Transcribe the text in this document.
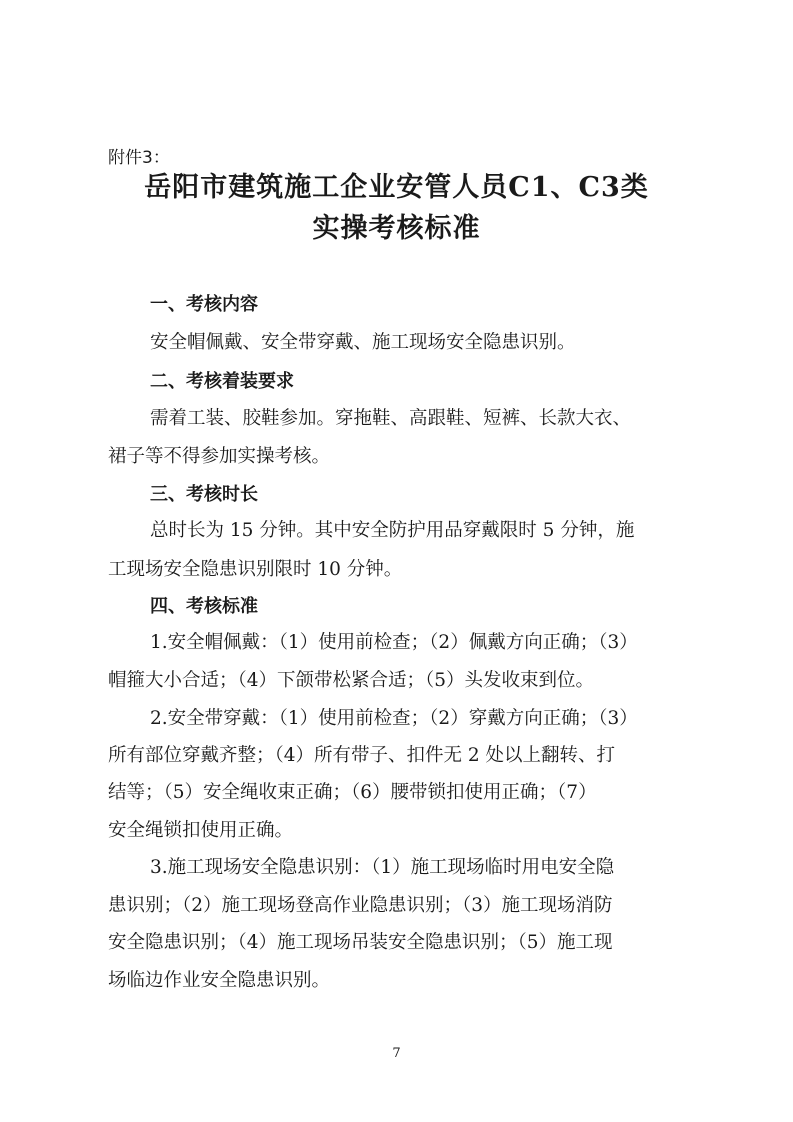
附件3：
岳阳市建筑施工企业安管人员C1、C3类
实操考核标准
一、考核内容
安全帽佩戴、安全带穿戴、施工现场安全隐患识别。
二、考核着装要求
需着工装、胶鞋参加。穿拖鞋、高跟鞋、短裤、长款大衣、
裙子等不得参加实操考核。
三、考核时长
总时长为 15 分钟。其中安全防护用品穿戴限时 5 分钟，施
工现场安全隐患识别限时 10 分钟。
四、考核标准
1.安全帽佩戴：（1）使用前检查；（2）佩戴方向正确；（3）
帽箍大小合适；（4）下颌带松紧合适；（5）头发收束到位。
2.安全带穿戴：（1）使用前检查；（2）穿戴方向正确；（3）
所有部位穿戴齐整；（4）所有带子、扣件无 2 处以上翻转、打
结等；（5）安全绳收束正确；（6）腰带锁扣使用正确；（7）
安全绳锁扣使用正确。
3.施工现场安全隐患识别：（1）施工现场临时用电安全隐
患识别；（2）施工现场登高作业隐患识别；（3）施工现场消防
安全隐患识别；（4）施工现场吊装安全隐患识别；（5）施工现
场临边作业安全隐患识别。
7
